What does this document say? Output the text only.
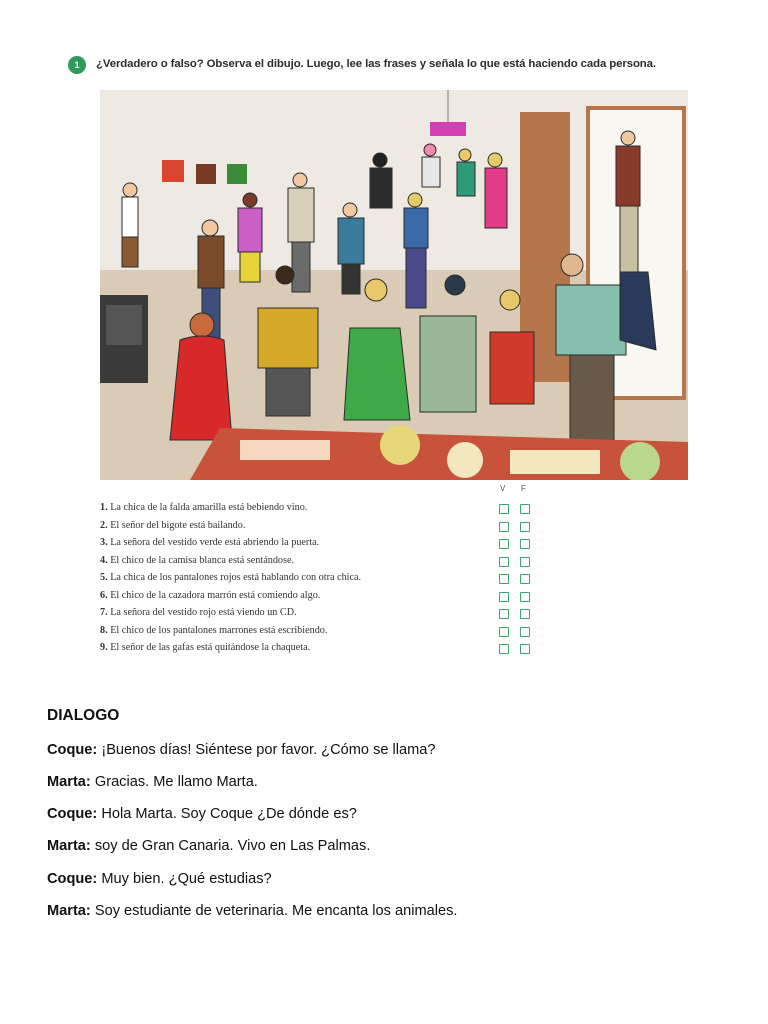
1	¿Verdadero o falso? Observa el dibujo. Luego, lee las frases y señala lo que está haciendo cada persona.
V F
1. La chica de la falda amarilla está bebiendo vino.
2. El señor del bigote está bailando.
3. La señora del vestido verde está abriendo la puerta.
4. El chico de la camisa blanca está sentándose.
5. La chica de los pantalones rojos está hablando con otra chica.
6. El chico de la cazadora marrón está comiendo algo.
7. La señora del vestido rojo está viendo un CD.
8. El chico de los pantalones marrones está escribiendo.
9. El señor de las gafas está quitándose la chaqueta.
DIALOGO
Coque: ¡Buenos días! Siéntese por favor. ¿Cómo se llama?
Marta: Gracias. Me llamo Marta.
Coque: Hola Marta. Soy Coque ¿De dónde es?
Marta: soy de Gran Canaria. Vivo en Las Palmas.
Coque: Muy bien. ¿Qué estudias?
Marta: Soy estudiante de veterinaria. Me encanta los animales.
